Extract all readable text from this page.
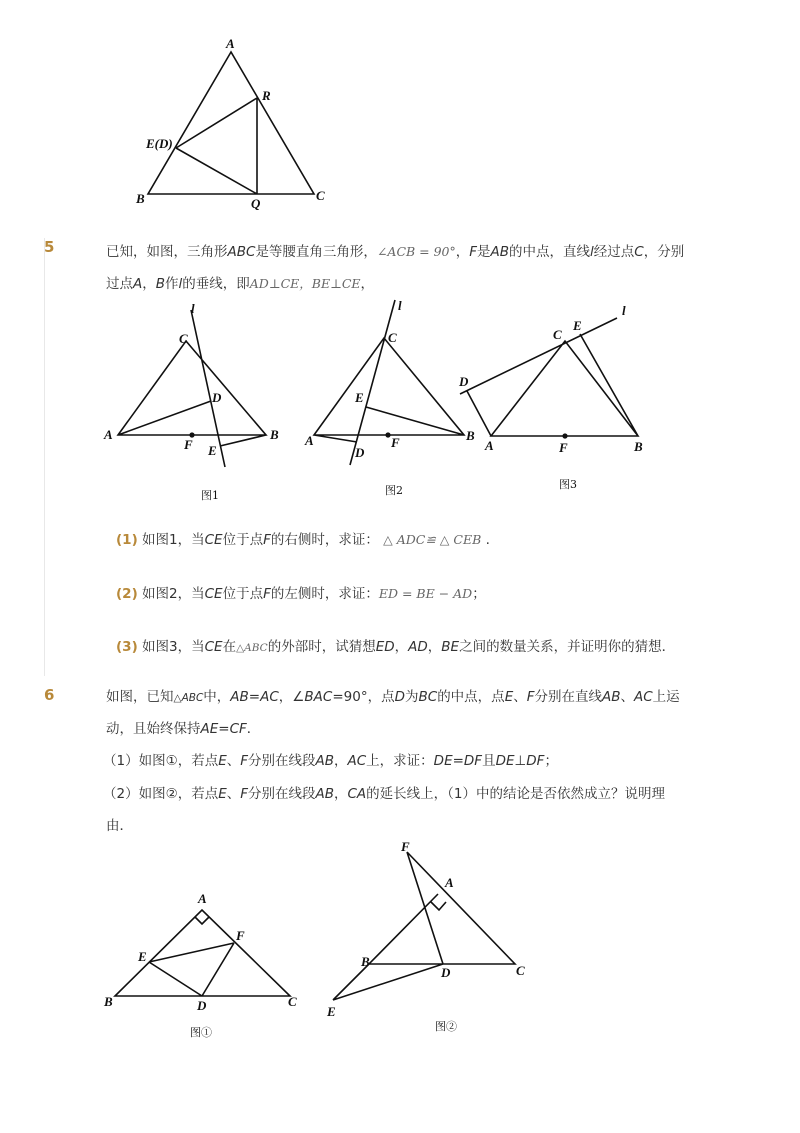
A
R
E(D)
B	Q
C
5	已知，如图，三角形ABC是等腰直角三角形，∠ACB = 90°，F是AB的中点，直线l经过点C，分别
过点A，B作l的垂线，即AD⊥CE，BE⊥CE，
l
C
D
A
F E
B
图1
l
C
E
A	F
D
B
图2
l
C
E
D
A	F	B
图3
(1) 如图1，当CE位于点F的右侧时，求证： △ ADC≌ △ CEB .
(2) 如图2，当CE位于点F的左侧时，求证：ED = BE − AD；
(3) 如图3，当CE在△ABC的外部时，试猜想ED，AD，BE之间的数量关系，并证明你的猜想．
6	如图，已知△ABC中，AB=AC，∠BAC=90°，点D为BC的中点，点E、F分别在直线AB、AC上运
动，且始终保持AE=CF．
（1）如图①，若点E、F分别在线段AB，AC上，求证：DE=DF且DE⊥DF；
（2）如图②，若点E、F分别在线段AB，CA的延长线上，（1）中的结论是否依然成立？说明理
由．
A
E
F
B	D	C
图①
F
A
B
D	C
E
图②
